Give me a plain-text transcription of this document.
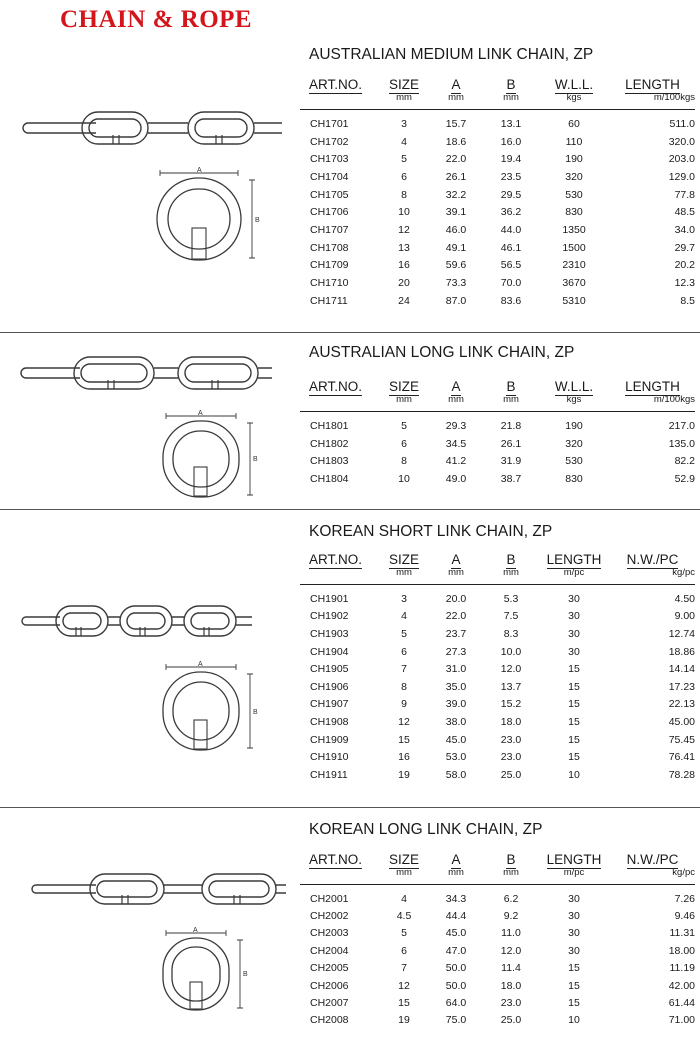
CHAIN & ROPE
AUSTRALIAN MEDIUM LINK CHAIN, ZP
A
B
ART.NO.	SIZE	A	B	W.L.L.	LENGTH
	mm	mm	mm	kgs	m/100kgs

CH1701	3	15.7	13.1	60	511.0
CH1702	4	18.6	16.0	110	320.0
CH1703	5	22.0	19.4	190	203.0
CH1704	6	26.1	23.5	320	129.0
CH1705	8	32.2	29.5	530	77.8
CH1706	10	39.1	36.2	830	48.5
CH1707	12	46.0	44.0	1350	34.0
CH1708	13	49.1	46.1	1500	29.7
CH1709	16	59.6	56.5	2310	20.2
CH1710	20	73.3	70.0	3670	12.3
CH1711	24	87.0	83.6	5310	8.5
AUSTRALIAN LONG LINK CHAIN, ZP
A
B
ART.NO.	SIZE	A	B	W.L.L.	LENGTH
	mm	mm	mm	kgs	m/100kgs

CH1801	5	29.3	21.8	190	217.0
CH1802	6	34.5	26.1	320	135.0
CH1803	8	41.2	31.9	530	82.2
CH1804	10	49.0	38.7	830	52.9
KOREAN SHORT LINK CHAIN, ZP
A
B
ART.NO.	SIZE	A	B	LENGTH	N.W./PC
	mm	mm	mm	m/pc	kg/pc

CH1901	3	20.0	5.3	30	4.50
CH1902	4	22.0	7.5	30	9.00
CH1903	5	23.7	8.3	30	12.74
CH1904	6	27.3	10.0	30	18.86
CH1905	7	31.0	12.0	15	14.14
CH1906	8	35.0	13.7	15	17.23
CH1907	9	39.0	15.2	15	22.13
CH1908	12	38.0	18.0	15	45.00
CH1909	15	45.0	23.0	15	75.45
CH1910	16	53.0	23.0	15	76.41
CH1911	19	58.0	25.0	10	78.28
KOREAN LONG LINK CHAIN, ZP
A
B
ART.NO.	SIZE	A	B	LENGTH	N.W./PC
	mm	mm	mm	m/pc	kg/pc

CH2001	4	34.3	6.2	30	7.26
CH2002	4.5	44.4	9.2	30	9.46
CH2003	5	45.0	11.0	30	11.31
CH2004	6	47.0	12.0	30	18.00
CH2005	7	50.0	11.4	15	11.19
CH2006	12	50.0	18.0	15	42.00
CH2007	15	64.0	23.0	15	61.44
CH2008	19	75.0	25.0	10	71.00
